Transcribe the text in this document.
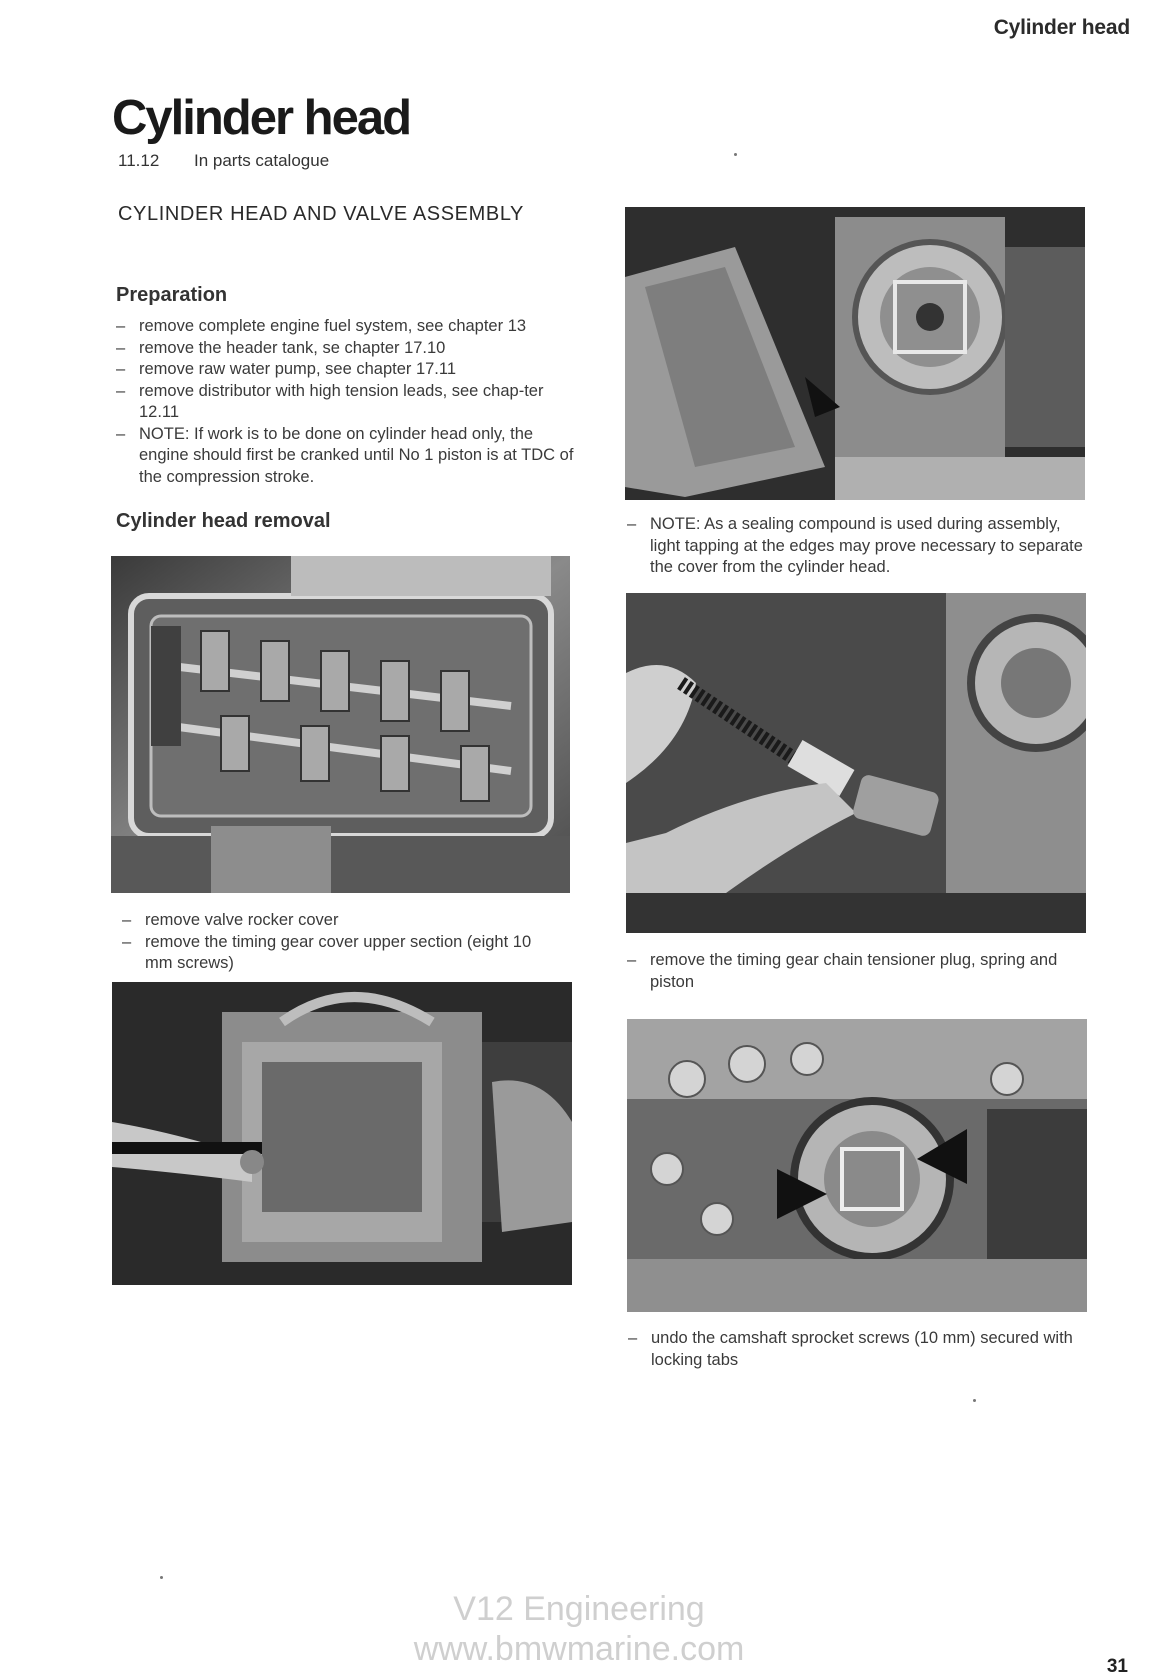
Cylinder head
Cylinder head
11.12 In parts catalogue
CYLINDER HEAD AND VALVE ASSEMBLY
Preparation
– remove complete engine fuel system, see chapter 13
– remove the header tank, se chapter 17.10
– remove raw water pump, see chapter 17.11
– remove distributor with high tension leads, see chap-ter 12.11
– NOTE: If work is to be done on cylinder head only, the engine should first be cranked until No 1 piston is at TDC of the compression stroke.
Cylinder head removal
– remove valve rocker cover
– remove the timing gear cover upper section (eight 10 mm screws)
– NOTE: As a sealing compound is used during assembly, light tapping at the edges may prove necessary to separate the cover from the cylinder head.
– remove the timing gear chain tensioner plug, spring and piston
– undo the camshaft sprocket screws (10 mm) secured with locking tabs
V12 Engineering
www.bmwmarine.com	31
